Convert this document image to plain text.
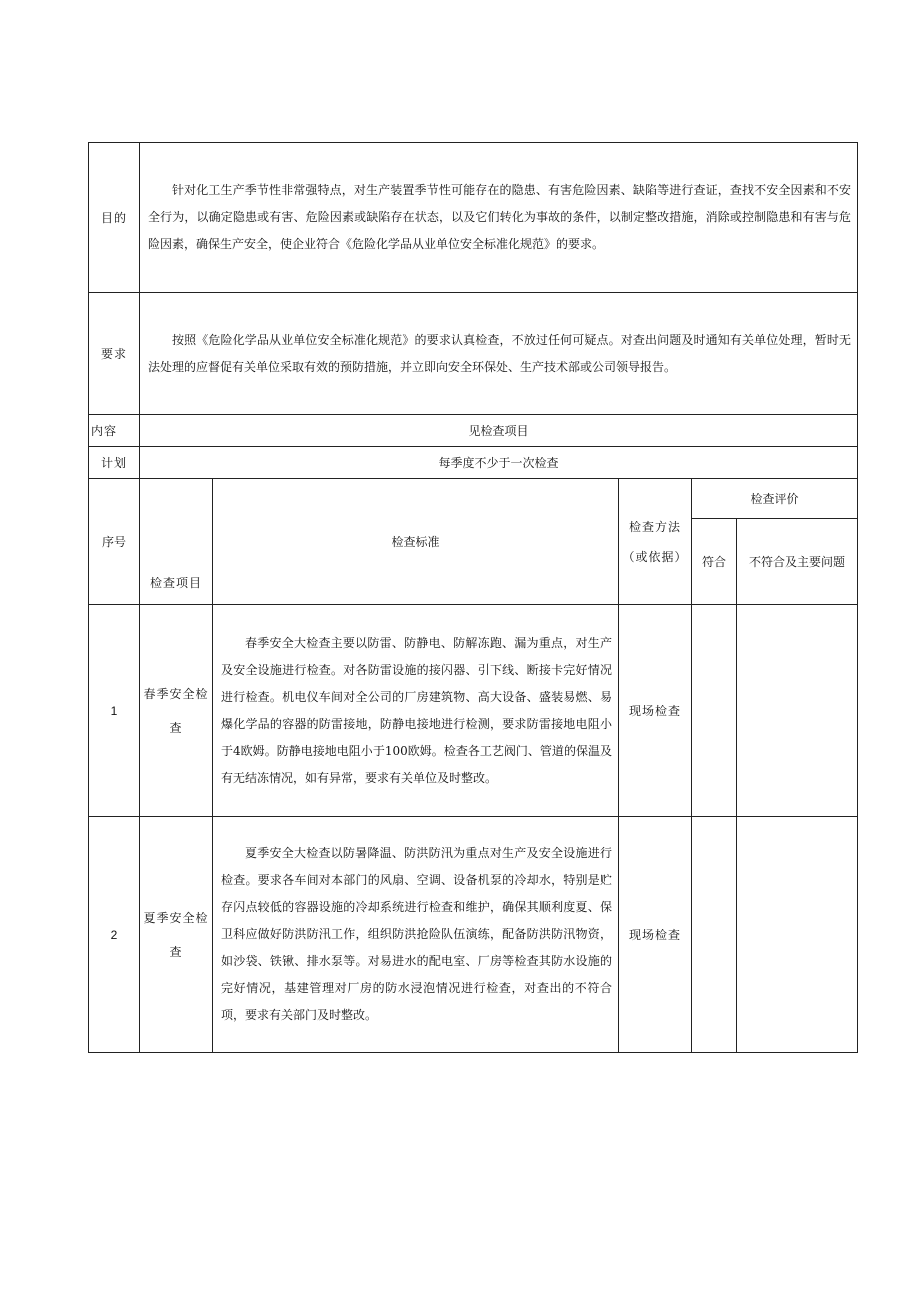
目的	针对化工生产季节性非常强特点，对生产装置季节性可能存在的隐患、有害危险因素、缺陷等进行查证，查找不安全因素和不安全行为，以确定隐患或有害、危险因素或缺陷存在状态，以及它们转化为事故的条件，以制定整改措施，消除或控制隐患和有害与危险因素，确保生产安全，使企业符合《危险化学品从业单位安全标准化规范》的要求。				

要求	按照《危险化学品从业单位安全标准化规范》的要求认真检查，不放过任何可疑点。对查出问题及时通知有关单位处理，暂时无法处理的应督促有关单位采取有效的预防措施，并立即向安全环保处、生产技术部或公司领导报告。				

内容	见检查项目				
计划	每季度不少于一次检查				
序号	检查项目	检查标准	检查方法（或依据）	检查评价	
				符合	不符合及主要问题
1	春季安全检查	春季安全大检查主要以防雷、防静电、防解冻跑、漏为重点，对生产及安全设施进行检查。对各防雷设施的接闪器、引下线、断接卡完好情况进行检查。机电仪车间对全公司的厂房建筑物、高大设备、盛装易燃、易爆化学品的容器的防雷接地，防静电接地进行检测，要求防雷接地电阻小于4欧姆。防静电接地电阻小于100欧姆。检查各工艺阀门、管道的保温及有无结冻情况，如有异常，要求有关单位及时整改。	现场检查		
2	夏季安全检查	夏季安全大检查以防暑降温、防洪防汛为重点对生产及安全设施进行检查。要求各车间对本部门的风扇、空调、设备机泵的冷却水，特别是贮存闪点较低的容器设施的冷却系统进行检查和维护，确保其顺利度夏、保卫科应做好防洪防汛工作，组织防洪抢险队伍演练，配备防洪防汛物资，如沙袋、铁锹、排水泵等。对易进水的配电室、厂房等检查其防水设施的完好情况，基建管理对厂房的防水浸泡情况进行检查，对查出的不符合项，要求有关部门及时整改。	现场检查		
